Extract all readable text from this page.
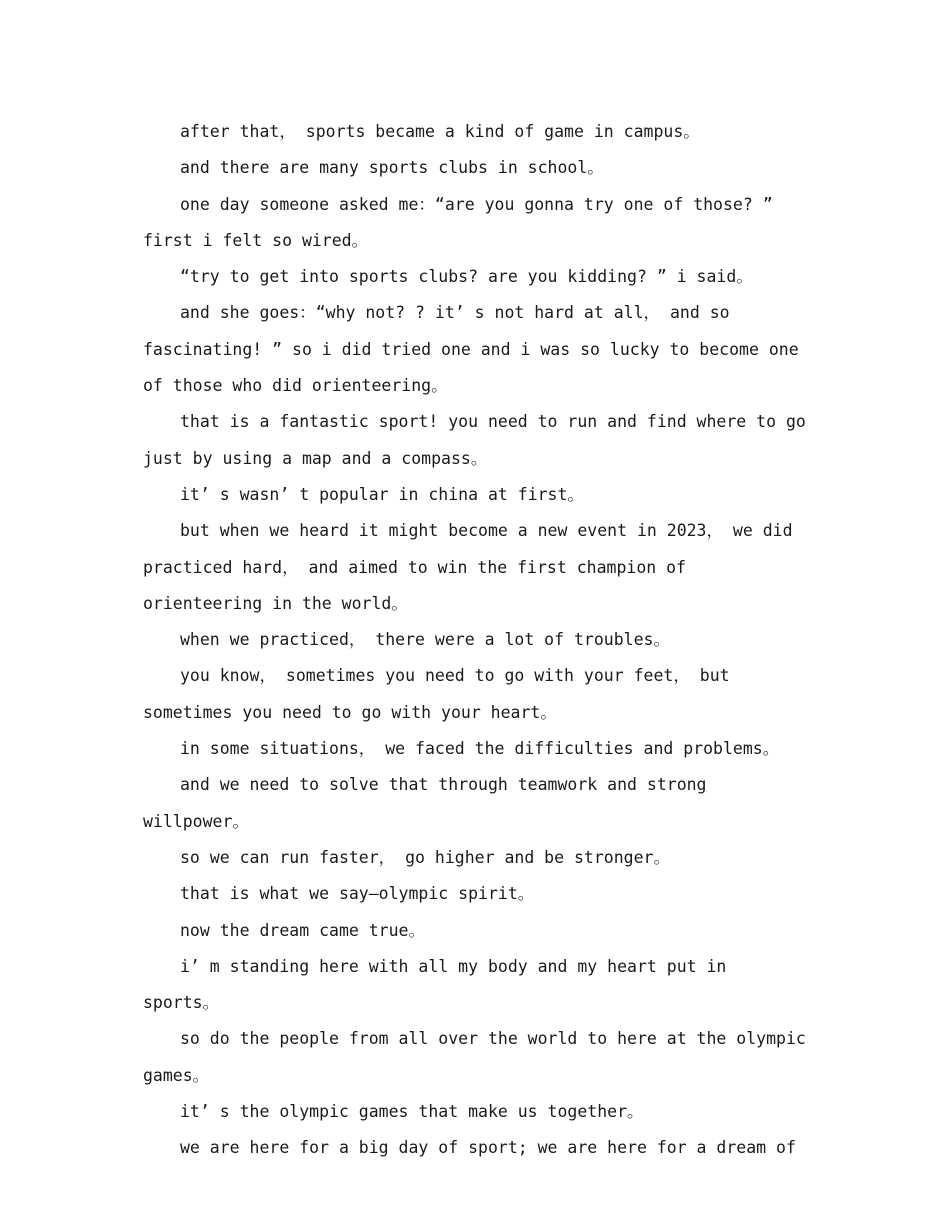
after that， sports became a kind of game in campus。

and there are many sports clubs in school。

one day someone asked me：“are you gonna try one of those? ” first i felt so wired。

“try to get into sports clubs? are you kidding? ” i said。

and she goes：“why not? ? it’ s not hard at all， and so fascinating! ” so i did tried one and i was so lucky to become one of those who did orienteering。

that is a fantastic sport! you need to run and find where to go just by using a map and a compass。

it’ s wasn’ t popular in china at first。

but when we heard it might become a new event in 2023， we did practiced hard， and aimed to win the first champion of orienteering in the world。

when we practiced， there were a lot of troubles。

you know， sometimes you need to go with your feet， but sometimes you need to go with your heart。

in some situations， we faced the difficulties and problems。

and we need to solve that through teamwork and strong willpower。

so we can run faster， go higher and be stronger。

that is what we say—olympic spirit。

now the dream came true。

i’ m standing here with all my body and my heart put in sports。

so do the people from all over the world to here at the olympic games。

it’ s the olympic games that make us together。

we are here for a big day of sport; we are here for a dream of
